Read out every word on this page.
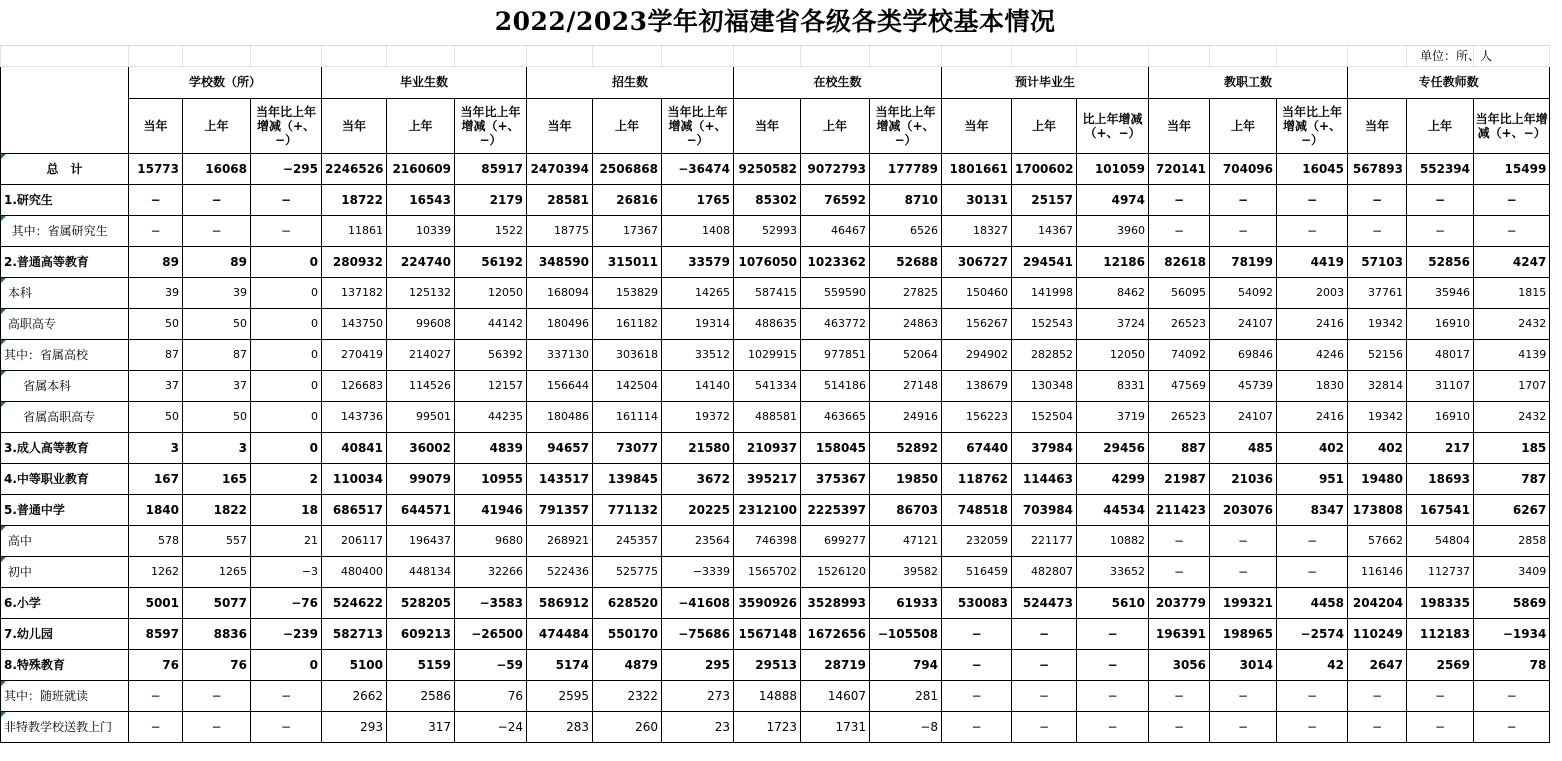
2022/2023学年初福建省各级各类学校基本情况																					

	学校数（所）			毕业生数			招生数			在校生数			预计毕业生			教职工数			专任教师数		
	当年	上年	当年比上年增减（+、−）	当年	上年	当年比上年增减（+、−）	当年	上年	当年比上年增减（+、−）	当年	上年	当年比上年增减（+、−）	当年	上年	比上年增减（+、−）	当年	上年	当年比上年增减（+、−）	当年	上年	当年比上年增减（+、−）

总　计	15773	16068	−295	2246526	2160609	85917	2470394	2506868	−36474	9250582	9072793	177789	1801661	1700602	101059	720141	704096	16045	567893	552394	15499
1.研究生	−	−	−	18722	16543	2179	28581	26816	1765	85302	76592	8710	30131	25157	4974	−	−	−	−	−	−

其中：省属研究生	−	−	−	11861	10339	1522	18775	17367	1408	52993	46467	6526	18327	14367	3960	−	−	−	−	−	−
2.普通高等教育	89	89	0	280932	224740	56192	348590	315011	33579	1076050	1023362	52688	306727	294541	12186	82618	78199	4419	57103	52856	4247

本科	39	39	0	137182	125132	12050	168094	153829	14265	587415	559590	27825	150460	141998	8462	56095	54092	2003	37761	35946	1815

高职高专	50	50	0	143750	99608	44142	180496	161182	19314	488635	463772	24863	156267	152543	3724	26523	24107	2416	19342	16910	2432

其中：省属高校	87	87	0	270419	214027	56392	337130	303618	33512	1029915	977851	52064	294902	282852	12050	74092	69846	4246	52156	48017	4139

省属本科	37	37	0	126683	114526	12157	156644	142504	14140	541334	514186	27148	138679	130348	8331	47569	45739	1830	32814	31107	1707

省属高职高专	50	50	0	143736	99501	44235	180486	161114	19372	488581	463665	24916	156223	152504	3719	26523	24107	2416	19342	16910	2432
3.成人高等教育	3	3	0	40841	36002	4839	94657	73077	21580	210937	158045	52892	67440	37984	29456	887	485	402	402	217	185
4.中等职业教育	167	165	2	110034	99079	10955	143517	139845	3672	395217	375367	19850	118762	114463	4299	21987	21036	951	19480	18693	787
5.普通中学	1840	1822	18	686517	644571	41946	791357	771132	20225	2312100	2225397	86703	748518	703984	44534	211423	203076	8347	173808	167541	6267

高中	578	557	21	206117	196437	9680	268921	245357	23564	746398	699277	47121	232059	221177	10882	−	−	−	57662	54804	2858

初中	1262	1265	−3	480400	448134	32266	522436	525775	−3339	1565702	1526120	39582	516459	482807	33652	−	−	−	116146	112737	3409
6.小学	5001	5077	−76	524622	528205	−3583	586912	628520	−41608	3590926	3528993	61933	530083	524473	5610	203779	199321	4458	204204	198335	5869
7.幼儿园	8597	8836	−239	582713	609213	−26500	474484	550170	−75686	1567148	1672656	−105508	−	−	−	196391	198965	−2574	110249	112183	−1934
8.特殊教育	76	76	0	5100	5159	−59	5174	4879	295	29513	28719	794	−	−	−	3056	3014	42	2647	2569	78

其中：随班就读	−	−	−	2662	2586	76	2595	2322	273	14888	14607	281	−	−	−	−	−	−	−	−	−

非特教学校送教上门	−	−	−	293	317	−24	283	260	23	1723	1731	−8	−	−	−	−	−	−	−	−	−
单位：所、人
